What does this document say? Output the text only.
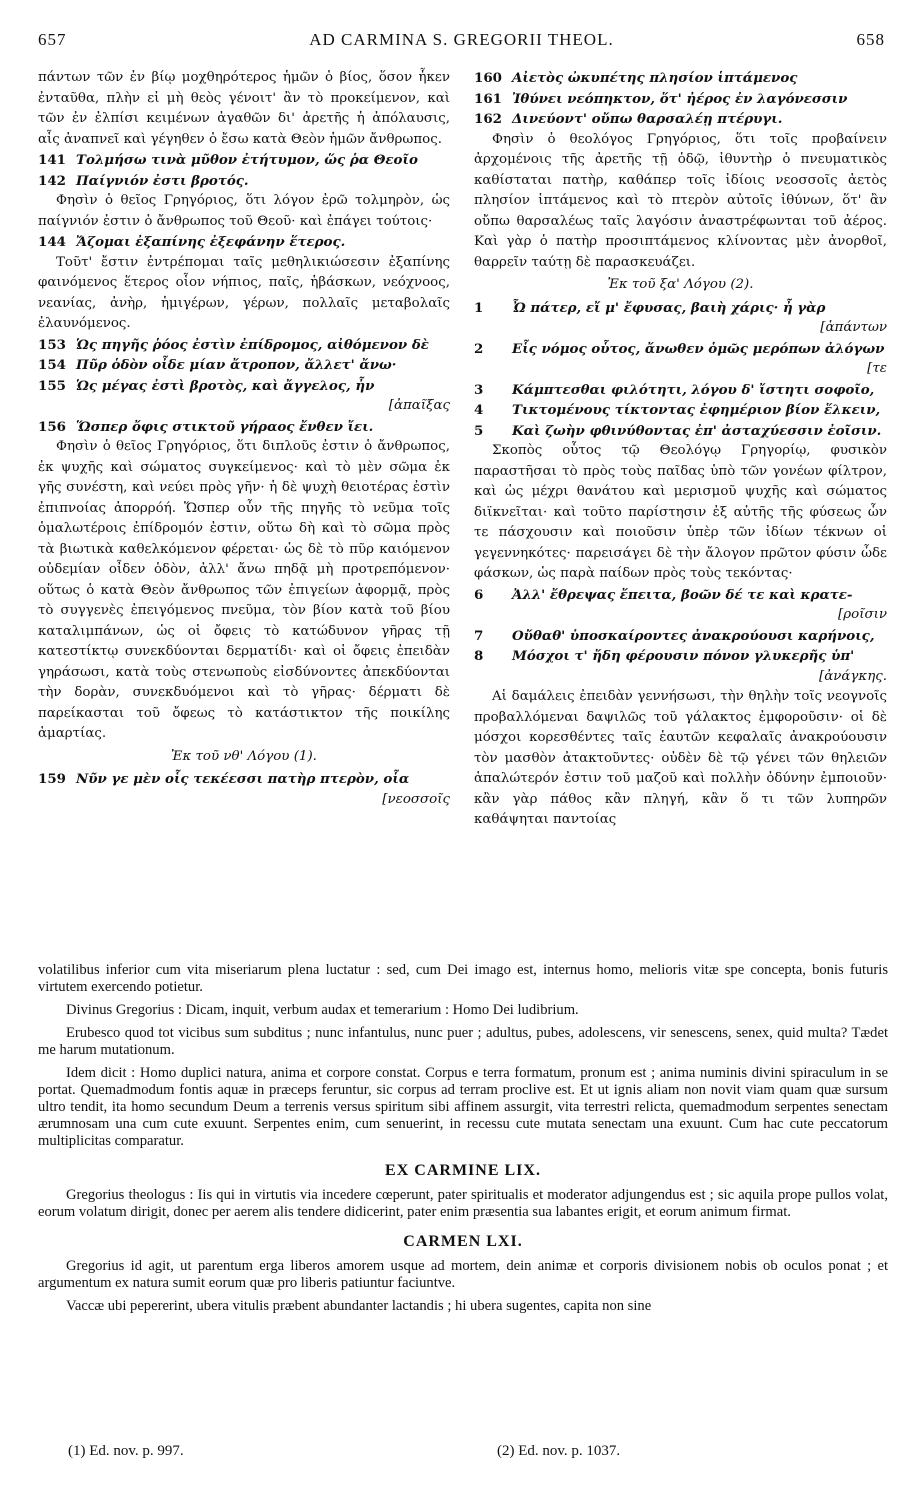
657	AD CARMINA S. GREGORII THEOL.	658

πάντων τῶν ἐν βίῳ μοχθηρότερος ἡμῶν ὁ βίος, ὅσον ἧκεν ἐνταῦθα, πλὴν εἰ μὴ θεὸς γένοιτ' ἂν τὸ προκείμενον, καὶ τῶν ἐν ἐλπίσι κειμένων ἀγαθῶν δι' ἀρετῆς ἡ ἀπόλαυσις, αἷς ἀναπνεῖ καὶ γέγηθεν ὁ ἔσω κατὰ Θεὸν ἡμῶν ἄνθρωπος.

141 Τολμήσω τινὰ μῦθον ἐτήτυμον, ὥς ῥα Θεοῖο
142 Παίγνιόν ἐστι βροτός.

Φησὶν ὁ θεῖος Γρηγόριος, ὅτι λόγον ἐρῶ τολμηρὸν, ὡς παίγνιόν ἐστιν ὁ ἄνθρωπος τοῦ Θεοῦ· καὶ ἐπάγει τούτοις·

144 Ἄζομαι ἐξαπίνης ἐξεφάνην ἕτερος.

Τοῦτ' ἔστιν ἐντρέπομαι ταῖς μεθηλικιώσεσιν ἐξαπίνης φαινόμενος ἕτερος οἷον νήπιος, παῖς, ἡβάσκων, νεόχνοος, νεανίας, ἀνὴρ, ἡμιγέρων, γέρων, πολλαῖς μεταβολαῖς ἐλαυνόμενος.

153 Ὡς πηγῆς ῥόος ἐστὶν ἐπίδρομος, αἰθόμενον δὲ
154 Πῦρ ὁδὸν οἶδε μίαν ἄτροπον, ἄλλετ' ἄνω·
155 Ὡς μέγας ἐστὶ βροτὸς, καὶ ἄγγελος, ἦν
[ἀπαῖξας
156 Ὥσπερ ὄφις στικτοῦ γήραος ἔνθεν ἴει.

Φησὶν ὁ θεῖος Γρηγόριος, ὅτι διπλοῦς ἐστιν ὁ ἄνθρωπος, ἐκ ψυχῆς καὶ σώματος συγκείμενος· καὶ τὸ μὲν σῶμα ἐκ γῆς συνέστη, καὶ νεύει πρὸς γῆν· ἡ δὲ ψυχὴ θειοτέρας ἐστὶν ἐπιπνοίας ἀπορρόή. Ὥσπερ οὖν τῆς πηγῆς τὸ νεῦμα τοῖς ὁμαλωτέροις ἐπίδρομόν ἐστιν, οὕτω δὴ καὶ τὸ σῶμα πρὸς τὰ βιωτικὰ καθελκόμενον φέρεται· ὡς δὲ τὸ πῦρ καιόμενον οὐδεμίαν οἶδεν ὁδὸν, ἀλλ' ἄνω πηδᾷ μὴ προτρεπόμενον· οὕτως ὁ κατὰ Θεὸν ἄνθρωπος τῶν ἐπιγείων ἀφορμᾷ, πρὸς τὸ συγγενὲς ἐπειγόμενος πνεῦμα, τὸν βίον κατὰ τοῦ βίου καταλιμπάνων, ὡς οἱ ὄφεις τὸ κατώδυνον γῆρας τῇ κατεστίκτῳ συνεκδύονται δερματίδι· καὶ οἱ ὄφεις ἐπειδὰν γηράσωσι, κατὰ τοὺς στενωποὺς εἰσδύνοντες ἀπεκδύονται τὴν δορὰν, συνεκδυόμενοι καὶ τὸ γῆρας· δέρματι δὲ παρείκασται τοῦ ὄφεως τὸ κατάστικτον τῆς ποικίλης ἁμαρτίας.

Ἐκ τοῦ νθ' Λόγου (1).
159 Νῦν γε μὲν οἷς τεκέεσσι πατὴρ πτερὸν, οἷα
[νεοσσοῖς
160 Αἰετὸς ὠκυπέτης πλησίον ἱπτάμενος
161 Ἰθύνει νεόπηκτον, ὅτ' ἠέρος ἐν λαγόνεσσιν
162 Δινεύοντ' οὔπω θαρσαλέῃ πτέρυγι.

Φησὶν ὁ θεολόγος Γρηγόριος, ὅτι τοῖς προβαίνειν ἀρχομένοις τῆς ἀρετῆς τῇ ὁδῷ, ἰθυντὴρ ὁ πνευματικὸς καθίσταται πατὴρ, καθάπερ τοῖς ἰδίοις νεοσσοῖς ἀετὸς πλησίον ἱπτάμενος καὶ τὸ πτερὸν αὐτοῖς ἰθύνων, ὅτ' ἂν οὔπω θαρσαλέως ταῖς λαγόσιν ἀναστρέφωνται τοῦ ἀέρος. Καὶ γὰρ ὁ πατὴρ προσιπτάμενος κλίνοντας μὲν ἀνορθοῖ, θαρρεῖν ταύτῃ δὲ παρασκευάζει.

Ἐκ τοῦ ξα' Λόγου (2).
1 Ὦ πάτερ, εἴ μ' ἔφυσας, βαιὴ χάρις· ἦ γὰρ
[ἁπάντων
2 Εἷς νόμος οὗτος, ἄνωθεν ὁμῶς μερόπων ἀλόγων
[τε
3 Κάμπτεσθαι φιλότητι, λόγου δ' ἴστητι σοφοῖο,
4 Τικτομένους τίκτοντας ἐφημέριον βίον ἕλκειν,
5 Καὶ ζωὴν φθινύθοντας ἐπ' ἀσταχύεσσιν ἐοῖσιν.

Σκοπὸς οὗτος τῷ Θεολόγῳ Γρηγορίῳ, φυσικὸν παραστῆσαι τὸ πρὸς τοὺς παῖδας ὑπὸ τῶν γονέων φίλτρον, καὶ ὡς μέχρι θανάτου καὶ μερισμοῦ ψυχῆς καὶ σώματος διϊκνεῖται· καὶ τοῦτο παρίστησιν ἐξ αὐτῆς τῆς φύσεως ὧν τε πάσχουσιν καὶ ποιοῦσιν ὑπὲρ τῶν ἰδίων τέκνων οἱ γεγεννηκότες· παρεισάγει δὲ τὴν ἄλογον πρῶτον φύσιν ὧδε φάσκων, ὡς παρὰ παίδων πρὸς τοὺς τεκόντας·

6 Ἀλλ' ἔθρεψας ἔπειτα, βοῶν δέ τε καὶ κρατε-
[ροῖσιν
7 Οὔθαθ' ὑποσκαίροντες ἀνακρούουσι καρήνοις,
8 Μόσχοι τ' ἤδη φέρουσιν πόνον γλυκερῆς ὑπ'
[ἀνάγκης.

Αἱ δαμάλεις ἐπειδὰν γεννήσωσι, τὴν θηλὴν τοῖς νεογνοῖς προβαλλόμεναι δαψιλῶς τοῦ γάλακτος ἐμφοροῦσιν· οἱ δὲ μόσχοι κορεσθέντες ταῖς ἑαυτῶν κεφαλαῖς ἀνακρούουσιν τὸν μασθὸν ἀτακτοῦντες· οὐδὲν δὲ τῷ γένει τῶν θηλειῶν ἁπαλώτερόν ἐστιν τοῦ μαζοῦ καὶ πολλὴν ὀδύνην ἐμποιοῦν· κἂν γὰρ πάθος κἂν πληγή, κἂν ὅ τι τῶν λυπηρῶν καθάψηται παντοίας

volatilibus inferior cum vita miseriarum plena luctatur : sed, cum Dei imago est, internus homo, melioris vitæ spe concepta, bonis futuris virtutem exercendo potietur.

Divinus Gregorius : Dicam, inquit, verbum audax et temerarium : Homo Dei ludibrium.

Erubesco quod tot vicibus sum subditus ; nunc infantulus, nunc puer ; adultus, pubes, adolescens, vir senescens, senex, quid multa? Tædet me harum mutationum.

Idem dicit : Homo duplici natura, anima et corpore constat. Corpus e terra formatum, pronum est ; anima numinis divini spiraculum in se portat. Quemadmodum fontis aquæ in præceps feruntur, sic corpus ad terram proclive est. Et ut ignis aliam non novit viam quam quæ sursum ultro tendit, ita homo secundum Deum a terrenis versus spiritum sibi affinem assurgit, vita terrestri relicta, quemadmodum serpentes senectam ærumnosam una cum cute exuunt. Serpentes enim, cum senuerint, in recessu cute mutata senectam una exuunt. Cum hac cute peccatorum multiplicitas comparatur.

EX CARMINE LIX.

Gregorius theologus : Iis qui in virtutis via incedere cœperunt, pater spiritualis et moderator adjungendus est ; sic aquila prope pullos volat, eorum volatum dirigit, donec per aerem alis tendere didicerint, pater enim præsentia sua labantes erigit, et eorum animum firmat.

CARMEN LXI.

Gregorius id agit, ut parentum erga liberos amorem usque ad mortem, dein animæ et corporis divisionem nobis ob oculos ponat ; et argumentum ex natura sumit eorum quæ pro liberis patiuntur faciuntve.

Vaccæ ubi pepererint, ubera vitulis præbent abundanter lactandis ; hi ubera sugentes, capita non sine

(1) Ed. nov. p. 997.	(2) Ed. nov. p. 1037.
